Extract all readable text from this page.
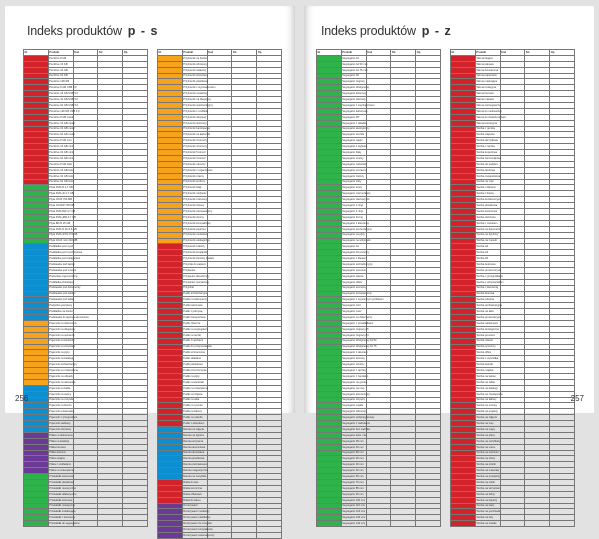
Indeks produktów p - s
Nr	Produkt	Kod	Str.	Op.
	Pendrive 8 GB			
	Pendrive 16 GB			
	Pendrive 32 GB			
	Pendrive 64 GB			
	Pendrive 128 GB			
	Pendrive 8 GB USB 3.0			
	Pendrive 16 GB USB 3.0			
	Pendrive 32 GB USB 3.0			
	Pendrive 64 GB USB 3.0			
	Pendrive 128 GB USB 3.0			
	Pendrive 8 GB metal			
	Pendrive 16 GB metal			
	Pendrive 32 GB metal			
	Pendrive 64 GB metal			
	Pendrive 8 GB mini			
	Pendrive 16 GB mini			
	Pendrive 32 GB mini			
	Pendrive 64 GB mini			
	Pendrive 8 GB twist			
	Pendrive 16 GB twist			
	Pendrive 32 GB twist			
	Pendrive 64 GB twist			
	Płyta DVD-R 4,7 GB			
	Płyta DVD+R 4,7 GB			
	Płyta CD-R 700 MB			
	Płyta CD-RW 700 MB			
	Płyta DVD-RW 4,7 GB			
	Płyta DVD+RW 4,7 GB			
	Płyta BD-R 25 GB			
	Płyta DVD-R DL 8,5 GB			
	Płyta DVD+R DL 8,5 GB			
	Płyta CD-R mini 210 MB			
	Podkładka pod mysz			
	Podkładka pod mysz żelowa			
	Podkładka pod nadgarstek			
	Podstawka pod laptop			
	Podstawka pod monitor			
	Podnóżek ergonomiczny			
	Podkładka chłodząca			
	Podstawka pod dokumenty			
	Podstawka pod telefon			
	Podstawka pod tablet			
	Podpórka pod plecy			
	Podkładka na biurko			
	Podstawka do laptopa aluminiowa			
	Pojemnik na dokumenty			
	Pojemnik na długopisy			
	Pojemnik na spinacze			
	Pojemnik na karteczki			
	Pojemnik na wizytówki			
	Pojemnik na płyty			
	Pojemnik na katalogi			
	Pojemnik archiwizacyjny			
	Pojemnik na czasopisma			
	Pojemnik na odpady			
	Pojemnik na akcesoria			
	Pojemnik na kable			
	Pojemnik na taśmy			
	Pojemnik na zszywki			
	Pojemnik na klucze			
	Pojemnik uniwersalny			
	Pojemnik z przegrodami			
	Pojemnik siatkowy			
	Pojemnik obrotowy			
	Półka na dokumenty			
	Półka na katalogi			
	Półka biurowa			
	Półka ścienna			
	Półka stojąca			
	Półka z szufladami			
	Półka na czasopisma			
	Przekładki kartonowe			
	Przekładki plastikowe			
	Przekładki numeryczne			
	Przekładki alfabetyczne			
	Przekładki kolorowe			
	Przekładki miesięczne			
	Przekładki indeksujące			
	Przekładki z kieszenią			
	Przekładki do segregatora			
Nr	Produkt	Kod	Str.	Op.
	Przybornik na biurko			
	Przybornik obrotowy			
	Przybornik siatkowy			
	Przybornik drewniany			
	Przybornik plastikowy			
	Przybornik z wyposażeniem			
	Przybornik metalowy			
	Przybornik na długopisy			
	Przybornik wielofunkcyjny			
	Przybornik z szufladą			
	Przybornik akrylowy			
	Przybornik skórzany			
	Przybornik bambusowy			
	Przybornik na karteczki			
	Przybornik 3 komory			
	Przybornik 4 komory			
	Przybornik 5 komór			
	Przybornik 6 komór			
	Przybornik narożny			
	Przybornik z organizerem			
	Przybornik czarny			
	Przybornik srebrny			
	Przybornik biały			
	Przybornik niebieski			
	Przybornik czerwony			
	Przybornik zielony			
	Przybornik transparentny			
	Przybornik dymny			
	Przybornik kompaktowy			
	Przybornik piętrowy			
	Przybornik modułowy			
	Przybornik ekologiczny			
	Przybornik szkolny			
	Przybornik kreślarski			
	Przybornik biurowy zestaw			
	Przycisk do papieru			
	Przylepiec			
	Przylepiec dwustronny			
	Przylepiec montażowy			
	Przypinki			
	Pudło archiwizacyjne			
	Pudło na dokumenty			
	Pudło kartonowe			
	Pudło z pokrywą			
	Pudło transportowe			
	Pudło zbiorcze			
	Pudło na segregatory			
	Pudło na teczki			
	Pudło z rączkami			
	Pudło do przeprowadzek			
	Pudło wzmocnione			
	Pudło składane			
	Pudło plastikowe			
	Pudło przezroczyste			
	Pudło na płyty			
	Pudło na kartoteki			
	Pudło na czasopisma			
	Pudło na zdjęcia			
	Pudło na akta			
	Pudło na rysunki			
	Pudło na faktury			
	Pudło na nośniki			
	Pudło z okienkiem			
	Ramka na zdjęcia			
	Ramka na dyplom			
	Ramka antyrama			
	Ramka aluminiowa			
	Ramka drewniana			
	Ramka plastikowa			
	Ramka zatrzaskowa			
	Ramka magnetyczna			
	Ramka na certyfikat			
	Rolka do kas			
	Rolka termiczna			
	Rolka offsetowa			
	Rolka do faksu			
	Rozszywacz			
	Rozszywacz metalowy			
	Rozszywacz plastikowy			
	Rozszywacz do zszywek			
	Rozszywacz kompaktowy			
	Rozszywacz automatyczny			
256
Indeks produktów p - z
Nr	Produkt	Kod	Str.	Op.
	Segregator A4			
	Segregator A4 50 mm			
	Segregator A4 75 mm			
	Segregator A5			
	Segregator ringowy			
	Segregator dźwigniowy			
	Segregator kolorowy			
	Segregator ofertowy			
	Segregator z mechanizmem			
	Segregator kartonowy			
	Segregator PP			
	Segregator z okładką			
	Segregator ekologiczny			
	Segregator szeroki			
	Segregator wąski			
	Segregator z etykietą			
	Segregator biały			
	Segregator czarny			
	Segregator niebieski			
	Segregator czerwony			
	Segregator zielony			
	Segregator żółty			
	Segregator szary			
	Segregator marmurkowy			
	Segregator ofertowy A4			
	Segregator 2 ringi			
	Segregator 4 ringi			
	Segregator D-ring			
	Segregator z kieszenią			
	Segregator prezentacyjny			
	Segregator na płyty			
	Segregator na wizytówki			
	Segregator A3			
	Segregator A3 poziomy			
	Segregator z klipsem			
	Segregator archiwizacyjny			
	Segregator premium			
	Segregator classic			
	Segregator office			
	Segregator economy			
	Segregator transparentny			
	Segregator z wymiennym grzbietem			
	Segregator mini			
	Segregator maxi			
	Segregator na dokumenty			
	Segregator z przekładkami			
	Segregator ringowy A5			
	Segregator ringowy A4			
	Segregator dźwigniowy A4 50			
	Segregator dźwigniowy A4 75			
	Segregator z okuciem			
	Segregator biurowy			
	Segregator szkolny			
	Segregator z rączką			
	Segregator z zamkiem			
	Segregator na gumkę			
	Segregator na rzep			
	Segregator kieszeniowy			
	Segregator sztywny			
	Segregator miękki			
	Segregator tekturowy			
	Segregator polipropylenowy			
	Segregator z nadrukiem			
	Segregator bez nadruku			
	Segregator kolor mix			
	Segregator 35 mm			
	Segregator 40 mm			
	Segregator 80 mm			
	Segregator 25 mm			
	Segregator 30 mm			
	Segregator 60 mm			
	Segregator 65 mm			
	Segregator 70 mm			
	Segregator 85 mm			
	Segregator 90 mm			
	Segregator 100 mm			
	Segregator 110 mm			
	Segregator 120 mm			
	Segregator 130 mm			
	Segregator 140 mm			
Nr	Produkt	Kod	Str.	Op.
	Taśma klejąca			
	Taśma pakowa			
	Taśma dwustronna			
	Taśma papierowa			
	Taśma maskująca			
	Taśma izolacyjna			
	Taśma biurowa			
	Taśma matowa			
	Taśma ostrzegawcza			
	Taśma do metkownicy			
	Taśma do drukarki etykiet			
	Taśma korekcyjna			
	Teczka z gumką			
	Teczka wiązana			
	Teczka skrzydłowa			
	Teczka z rączką			
	Teczka kopertowa			
	Teczka harmonijkowa			
	Teczka do podpisu			
	Teczka ofertowa			
	Teczka zawieszkowa			
	Teczka na rzep			
	Teczka z klipsem			
	Teczka z listwą			
	Teczka konferencyjna			
	Teczka plastikowa			
	Teczka kartonowa			
	Teczka skórzana			
	Teczka z zamkiem			
	Teczka na dokumenty			
	Teczka na dyplomy			
	Teczka na rysunki			
	Teczka A4			
	Teczka A3			
	Teczka A5			
	Teczka kolorowa			
	Teczka przezroczysta			
	Teczka z przegródkami			
	Teczka z wizytownikiem			
	Teczka z kieszenią			
	Teczka biurowa			
	Teczka szkolna			
	Teczka archiwizacyjna			
	Teczka na akta			
	Teczka prezentacyjna			
	Teczka reklamowa			
	Teczka ekologiczna			
	Teczka premium			
	Teczka classic			
	Teczka economy			
	Teczka office			
	Teczka z wyściółką			
	Teczka twarda			
	Teczka miękka			
	Teczka na laptop			
	Teczka na tablet			
	Teczka na katalogi			
	Teczka na czasopisma			
	Teczka na faktury			
	Teczka na umowy			
	Teczka na projekty			
	Teczka na zdjęcia			
	Teczka na nuty			
	Teczka na mapy			
	Teczka na plany			
	Teczka na certyfikaty			
	Teczka na menu			
	Teczka na rachunki			
	Teczka na oferty			
	Teczka na próbki			
	Teczka na materiały			
	Teczka na prospekty			
	Teczka na ulotki			
	Teczka na wizytówki			
	Teczka na bilety			
	Teczka na koperty			
	Teczka na karty			
	Teczka na pocztówki			
	Teczka na listy			
	Teczka na notatki			
257
